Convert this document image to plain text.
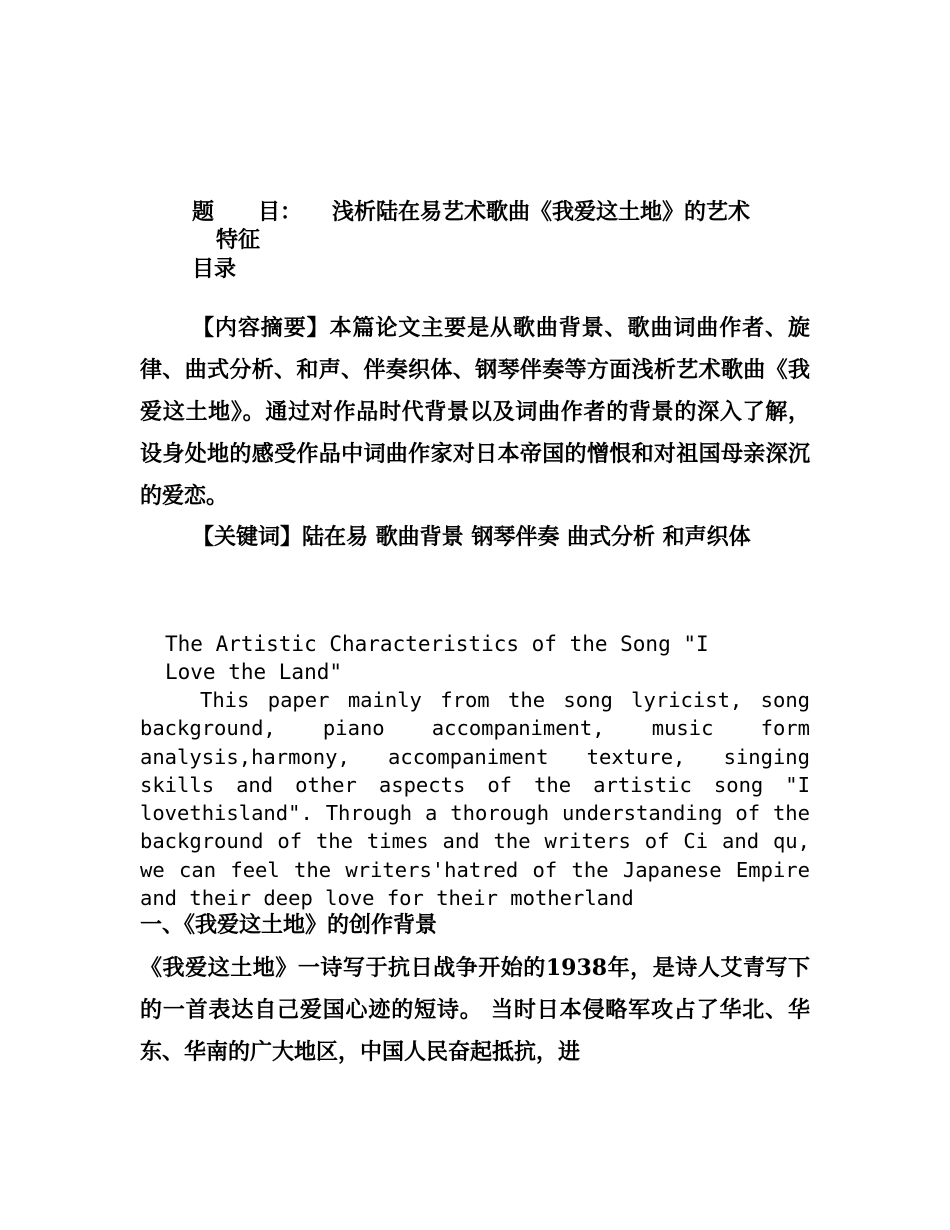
题　　目： 浅析陆在易艺术歌曲《我爱这土地》的艺术
特征
目录

【内容摘要】本篇论文主要是从歌曲背景、歌曲词曲作者、旋律、曲式分析、和声、伴奏织体、钢琴伴奏等方面浅析艺术歌曲《我爱这土地》。通过对作品时代背景以及词曲作者的背景的深入了解，设身处地的感受作品中词曲作家对日本帝国的憎恨和对祖国母亲深沉的爱恋。

【关键词】陆在易 歌曲背景 钢琴伴奏 曲式分析 和声织体

The Artistic Characteristics of the Song "I Love the Land"

This paper mainly from the song lyricist, song background, piano accompaniment, music form analysis,harmony, accompaniment texture, singing skills and other aspects of the artistic song "I lovethisland". Through a thorough understanding of the background of the times and the writers of Ci and qu, we can feel the writers'hatred of the Japanese Empire and their deep love for their motherland

一、《我爱这土地》的创作背景

《我爱这土地》一诗写于抗日战争开始的1938年，是诗人艾青写下的一首表达自己爱国心迹的短诗。 当时日本侵略军攻占了华北、华东、华南的广大地区，中国人民奋起抵抗，进
